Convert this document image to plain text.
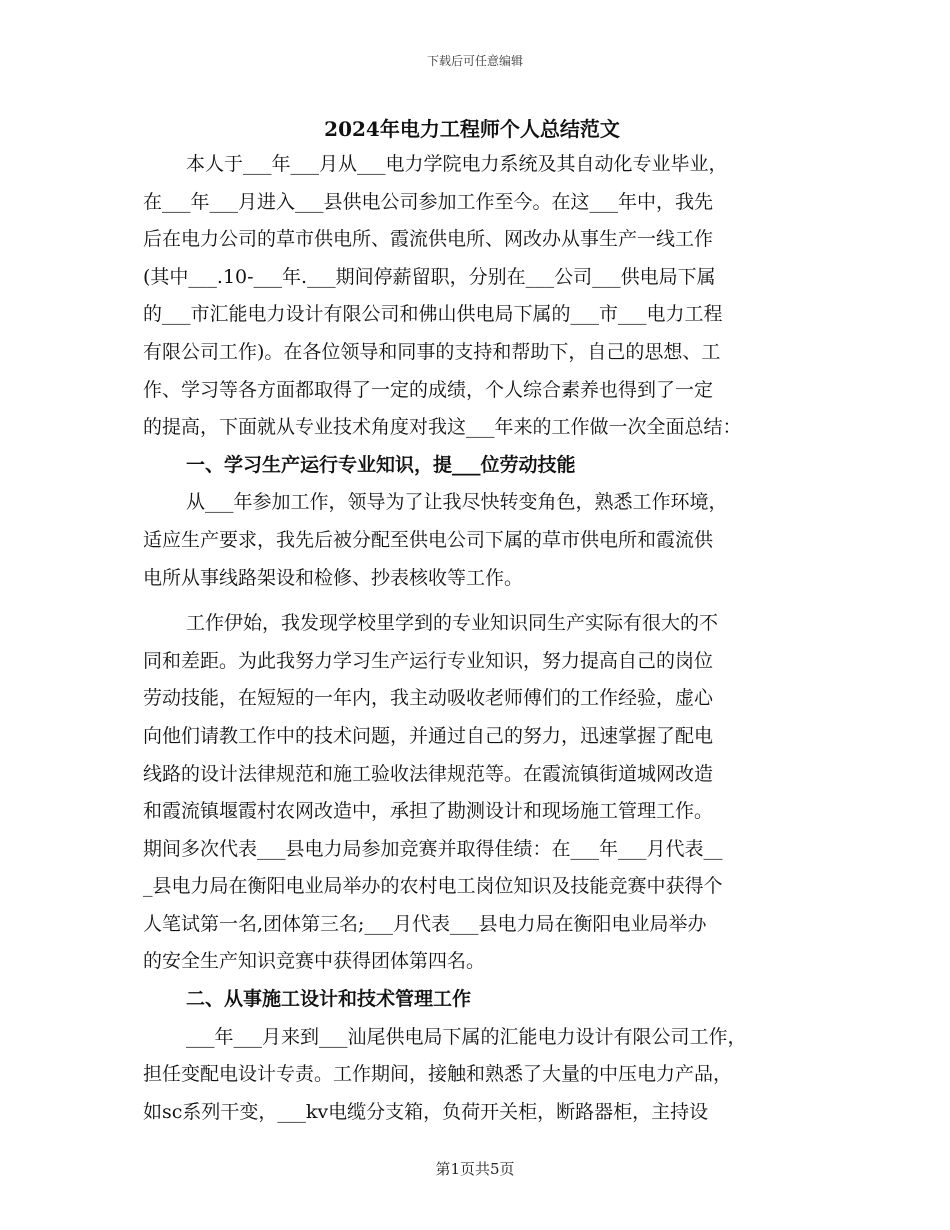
下载后可任意编辑
2024年电力工程师个人总结范文
本人于___年___月从___电力学院电力系统及其自动化专业毕业，
在___年___月进入___县供电公司参加工作至今。在这___年中，我先
后在电力公司的草市供电所、霞流供电所、网改办从事生产一线工作
(其中___.10-___年.___期间停薪留职，分别在___公司___供电局下属
的___市汇能电力设计有限公司和佛山供电局下属的___市___电力工程
有限公司工作)。在各位领导和同事的支持和帮助下，自己的思想、工
作、学习等各方面都取得了一定的成绩，个人综合素养也得到了一定
的提高，下面就从专业技术角度对我这___年来的工作做一次全面总结：
一、学习生产运行专业知识，提___位劳动技能
从___年参加工作，领导为了让我尽快转变角色，熟悉工作环境，
适应生产要求，我先后被分配至供电公司下属的草市供电所和霞流供
电所从事线路架设和检修、抄表核收等工作。
工作伊始，我发现学校里学到的专业知识同生产实际有很大的不
同和差距。为此我努力学习生产运行专业知识，努力提高自己的岗位
劳动技能，在短短的一年内，我主动吸收老师傅们的工作经验，虚心
向他们请教工作中的技术问题，并通过自己的努力，迅速掌握了配电
线路的设计法律规范和施工验收法律规范等。在霞流镇街道城网改造
和霞流镇堰霞村农网改造中，承担了勘测设计和现场施工管理工作。
期间多次代表___县电力局参加竞赛并取得佳绩：在___年___月代表__
_县电力局在衡阳电业局举办的农村电工岗位知识及技能竞赛中获得个
人笔试第一名,团体第三名;___月代表___县电力局在衡阳电业局举办
的安全生产知识竞赛中获得团体第四名。
二、从事施工设计和技术管理工作
___年___月来到___汕尾供电局下属的汇能电力设计有限公司工作，
担任变配电设计专责。工作期间，接触和熟悉了大量的中压电力产品，
如sc系列干变，___kv电缆分支箱，负荷开关柜，断路器柜，主持设
第1页共5页
